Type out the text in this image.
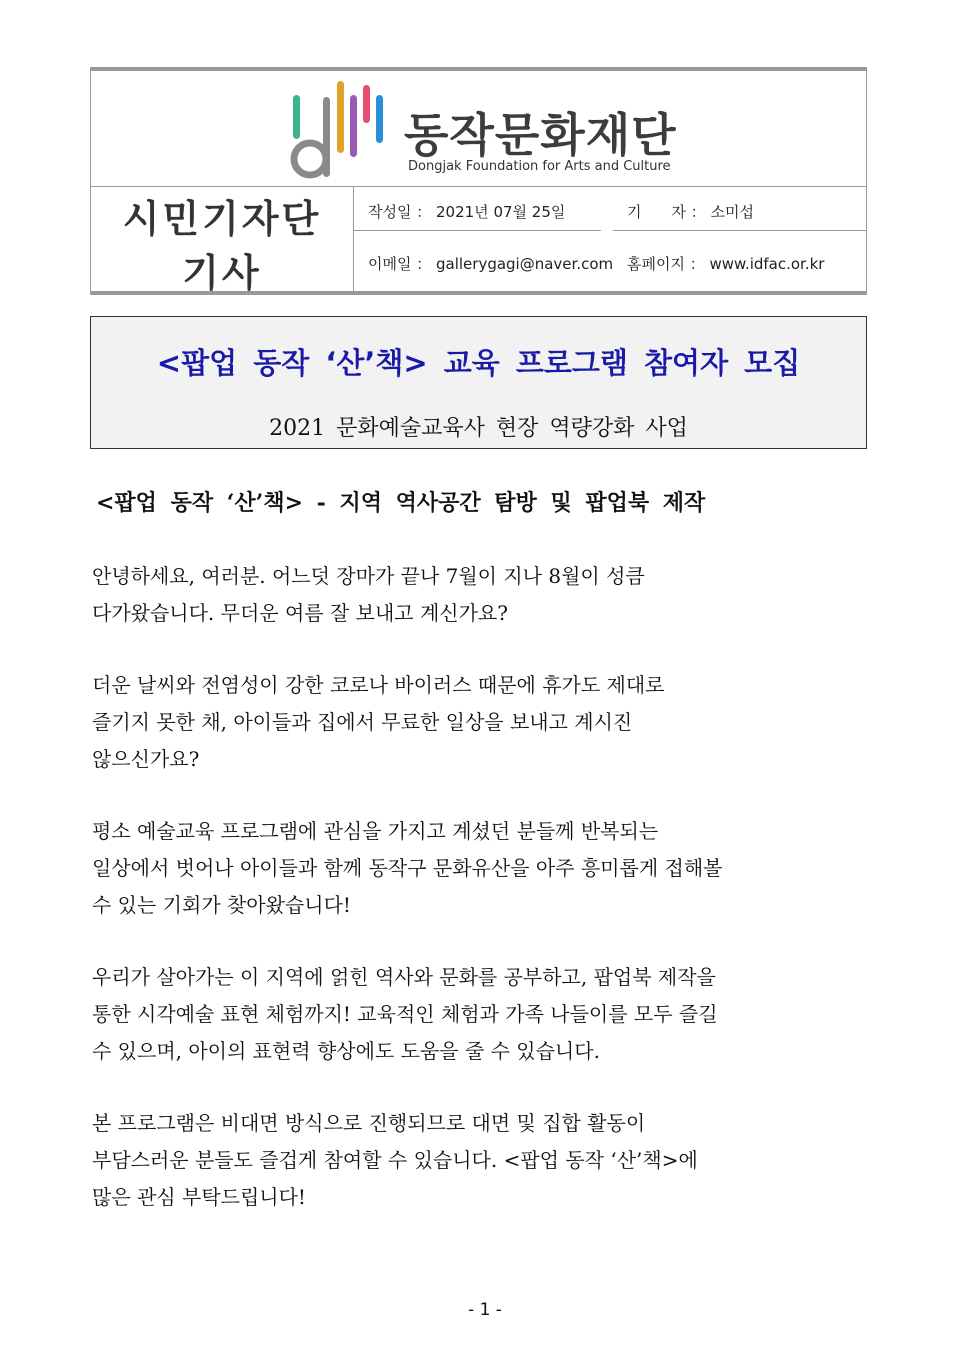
동작문화재단
Dongjak Foundation for Arts and Culture
시민기자단
기사
작성일 ： 2021년 07월 25일	기　　자 ： 소미섭
이메일 ： gallerygagi@naver.com 홈페이지 ： www.idfac.or.kr
<팝업 동작 ‘산’책> 교육 프로그램 참여자 모집
2021 문화예술교육사 현장 역량강화 사업
<팝업 동작 ‘산’책> - 지역 역사공간 탐방 및 팝업북 제작

안녕하세요, 여러분. 어느덧 장마가 끝나 7월이 지나 8월이 성큼

다가왔습니다. 무더운 여름 잘 보내고 계신가요?

더운 날씨와 전염성이 강한 코로나 바이러스 때문에 휴가도 제대로

즐기지 못한 채, 아이들과 집에서 무료한 일상을 보내고 계시진

않으신가요?

평소 예술교육 프로그램에 관심을 가지고 계셨던 분들께 반복되는

일상에서 벗어나 아이들과 함께 동작구 문화유산을 아주 흥미롭게 접해볼

수 있는 기회가 찾아왔습니다!

우리가 살아가는 이 지역에 얽힌 역사와 문화를 공부하고, 팝업북 제작을

통한 시각예술 표현 체험까지! 교육적인 체험과 가족 나들이를 모두 즐길

수 있으며, 아이의 표현력 향상에도 도움을 줄 수 있습니다.

본 프로그램은 비대면 방식으로 진행되므로 대면 및 집합 활동이

부담스러운 분들도 즐겁게 참여할 수 있습니다. <팝업 동작 ‘산’책>에

많은 관심 부탁드립니다!

- 1 -
